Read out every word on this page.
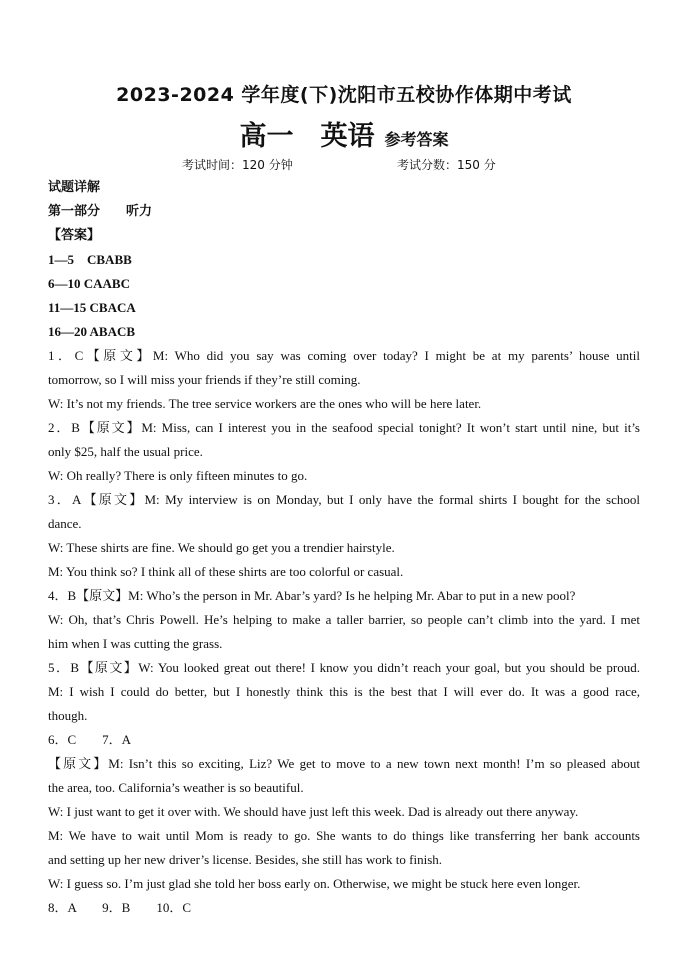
2023-2024 学年度(下)沈阳市五校协作体期中考试
高一　英语 参考答案
考试时间：120 分钟	考试分数：150 分
试题详解
第一部分　　听力
【答案】
1—5　CBABB
6—10 CAABC
11—15 CBACA
16—20 ABACB
1．C【原文】M: Who did you say was coming over today? I might be at my parents’ house until
tomorrow, so I will miss your friends if they’re still coming.
W: It’s not my friends. The tree service workers are the ones who will be here later.
2．B【原文】M: Miss, can I interest you in the seafood special tonight? It won’t start until nine, but it’s
only $25, half the usual price.
W: Oh really? There is only fifteen minutes to go.
3．A【原文】M: My interview is on Monday, but I only have the formal shirts I bought for the school
dance.
W: These shirts are fine. We should go get you a trendier hairstyle.
M: You think so? I think all of these shirts are too colorful or casual.
4．B【原文】M: Who’s the person in Mr. Abar’s yard? Is he helping Mr. Abar to put in a new pool?
W: Oh, that’s Chris Powell. He’s helping to make a taller barrier, so people can’t climb into the yard. I met
him when I was cutting the grass.
5．B【原文】W: You looked great out there! I know you didn’t reach your goal, but you should be proud.
M: I wish I could do better, but I honestly think this is the best that I will ever do. It was a good race,
though.
6．C　　7．A
【原文】M: Isn’t this so exciting, Liz? We get to move to a new town next month! I’m so pleased about
the area, too. California’s weather is so beautiful.
W: I just want to get it over with. We should have just left this week. Dad is already out there anyway.
M: We have to wait until Mom is ready to go. She wants to do things like transferring her bank accounts
and setting up her new driver’s license. Besides, she still has work to finish.
W: I guess so. I’m just glad she told her boss early on. Otherwise, we might be stuck here even longer.
8．A　　9．B　　10．C
